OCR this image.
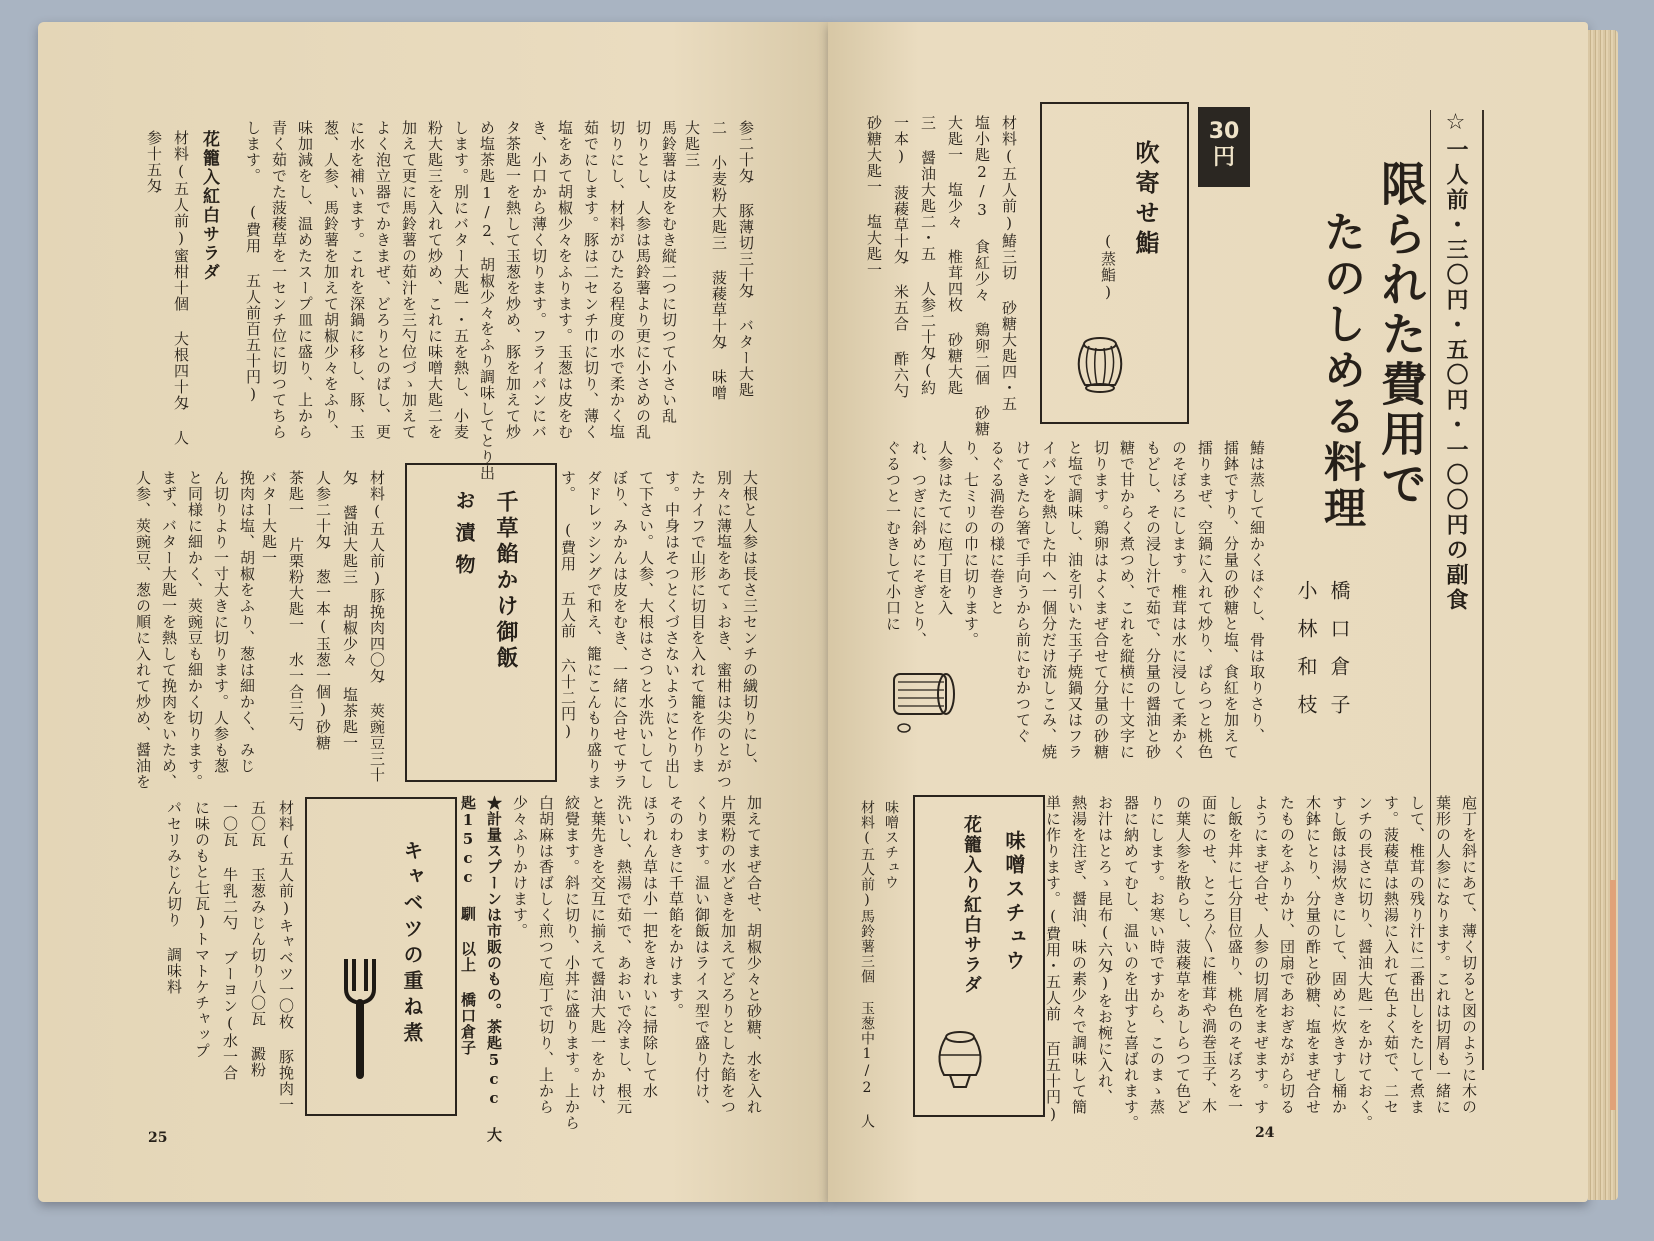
☆一人前・三〇円・五〇円・一〇〇円の副食
限られた費用で
たのしめる料理
橋口倉子
小林和枝
30円
吹寄せ鮨
(蒸鮨)
材料(五人前)鰆三切 砂糖大匙四・五
塩小匙2/3 食紅少々 鶏卵二個 砂糖
大匙一 塩少々 椎茸四枚 砂糖大匙
三 醤油大匙二・五 人参二十匁(約
一本) 菠薐草十匁 米五合 酢六勺
砂糖大匙一 塩大匙一
鰆は蒸して細かくほぐし、骨は取りさり、
擂鉢ですり、分量の砂糖と塩、食紅を加えて
擂りまぜ、空鍋に入れて炒り、ぱらつと桃色
のそぼろにします。椎茸は水に浸して柔かく
もどし、その浸し汁で茹で、分量の醤油と砂
糖で甘からく煮つめ、これを縦横に十文字に
切ります。鶏卵はよくまぜ合せて分量の砂糖
と塩で調味し、油を引いた玉子焼鍋又はフラ
イパンを熱した中へ一個分だけ流しこみ、焼
けてきたら箸で手向うから前にむかつてぐ
るぐる渦巻の様に巻きと
り、七ミリの巾に切ります。
人参はたてに庖丁目を入
れ、つぎに斜めにそぎとり、
ぐるつと一むきして小口に
庖丁を斜にあて、薄く切ると図のように木の
葉形の人参になります。これは切屑も一緒に
して、椎茸の残り汁に二番出しをたして煮ま
す。菠薐草は熱湯に入れて色よく茹で、二セ
ンチの長さに切り、醤油大匙一をかけておく。
すし飯は湯炊きにして、固めに炊きすし桶か
木鉢にとり、分量の酢と砂糖、塩をまぜ合せ
たものをふりかけ、団扇であおぎながら切る
ようにまぜ合せ、人参の切屑をまぜます。す
し飯を丼に七分目位盛り、桃色のそぼろを一
面にのせ、ところ〴〵に椎茸や渦巻玉子、木
の葉人参を散らし、菠薐草をあしらつて色ど
りにします。お寒い時ですから、このまゝ蒸
器に納めてむし、温いのを出すと喜ばれます。
お汁はとろゝ昆布(六匁)をお椀に入れ、
熱湯を注ぎ、醤油、味の素少々で調味して簡
単に作ります。(費用・五人前 百五十円)
味噌スチュウ
花籠入り紅白サラダ
味噌スチュウ
材料(五人前)馬鈴薯三個 玉葱中1/2 人
24
参二十匁 豚薄切三十匁 バター大匙
二 小麦粉大匙三 菠薐草十匁 味噌
大匙三
馬鈴薯は皮をむき縦二つに切つて小さい乱
切りとし、人参は馬鈴薯より更に小さめの乱
切りにし、材料がひたる程度の水で柔かく塩
茹でにします。豚は二センチ巾に切り、薄く
塩をあて胡椒少々をふります。玉葱は皮をむ
き、小口から薄く切ります。フライパンにバ
タ茶匙一を熱して玉葱を炒め、豚を加えて炒
め塩茶匙1/2、胡椒少々をふり調味してとり出
します。別にバター大匙一・五を熱し、小麦
粉大匙三を入れて炒め、これに味噌大匙二を
加えて更に馬鈴薯の茹汁を三勺位づゝ加えて
よく泡立器でかきまぜ、どろりとのばし、更
に水を補います。これを深鍋に移し、豚、玉
葱、人参、馬鈴薯を加えて胡椒少々をふり、
味加減をし、温めたスープ皿に盛り、上から
青く茹でた菠薐草を一センチ位に切つてちら
します。 (費用 五人前百五十円)
花籠入紅白サラダ
材料(五人前)蜜柑十個 大根四十匁 人
参十五匁
大根と人参は長さ三センチの繊切りにし、
別々に薄塩をあてゝおき、蜜柑は尖のとがつ
たナイフで山形に切目を入れて籠を作りま
す。中身はそつとくづさないようにとり出し
て下さい。人参、大根はさつと水洗いしてし
ぼり、みかんは皮をむき、一緒に合せてサラ
ダドレッシングで和え、籠にこんもり盛りま
す。 (費用 五人前 六十二円)
千草餡かけ御飯
お漬物
材料(五人前)豚挽肉四〇匁 莢豌豆三十
匁 醤油大匙三 胡椒少々 塩茶匙一
人参二十匁 葱一本(玉葱一個)砂糖
茶匙一 片栗粉大匙一 水一合三勺
バター大匙一
挽肉は塩、胡椒をふり、葱は細かく、みじ
ん切りより一寸大きに切ります。人参も葱
と同様に細かく、莢豌豆も細かく切ります。
まず、バター大匙一を熱して挽肉をいため、
人参、莢豌豆、葱の順に入れて炒め、醤油を
加えてまぜ合せ、胡椒少々と砂糖、水を入れ
片栗粉の水どきを加えてどろりとした餡をつ
くります。温い御飯はライス型で盛り付け、
そのわきに千草餡をかけます。
ほうれん草は小一把をきれいに掃除して水
洗いし、熱湯で茹で、あおいで冷まし、根元
と葉先きを交互に揃えて醤油大匙一をかけ、
絞覺ます。斜に切り、小丼に盛ります。上から
白胡麻は香ばしく煎つて庖丁で切り、上から
少々ふりかけます。
★計量スプーンは市販のもの。茶匙5cc 大
匙15cc 馴 以上 橋口倉子
キャベツの重ね煮
材料(五人前)キャベツ一〇枚 豚挽肉一
五〇瓦 玉葱みじん切り八〇瓦 澱粉
一〇瓦 牛乳二勺 ブーヨン(水一合
に味のもと七瓦)トマトケチャップ
パセリみじん切り 調味料
25
